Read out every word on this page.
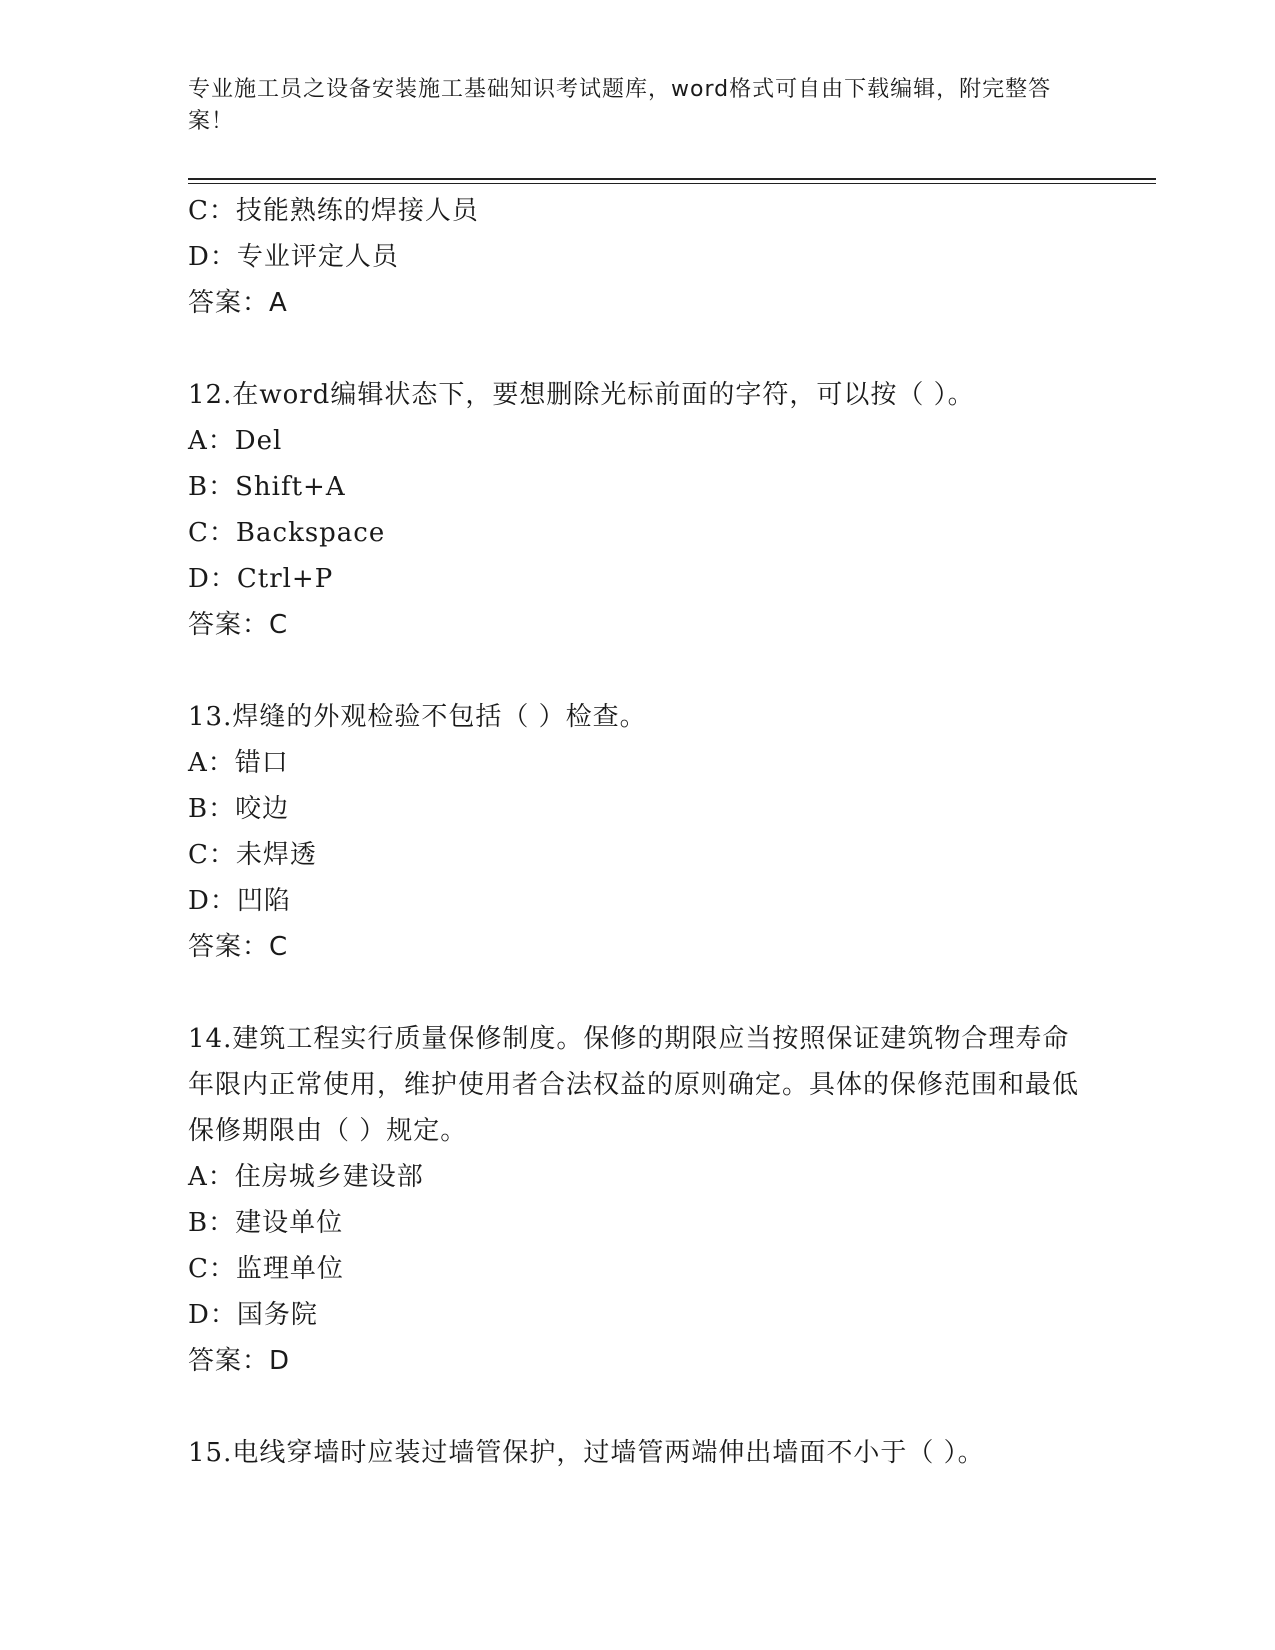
专业施工员之设备安装施工基础知识考试题库，word格式可自由下载编辑，附完整答案！
C：技能熟练的焊接人员
D：专业评定人员
答案：A
12.在word编辑状态下，要想删除光标前面的字符，可以按（ ）。
A：Del
B：Shift+A
C：Backspace
D：Ctrl+P
答案：C
13.焊缝的外观检验不包括（ ）检查。
A：错口
B：咬边
C：未焊透
D：凹陷
答案：C
14.建筑工程实行质量保修制度。保修的期限应当按照保证建筑物合理寿命年限内正常使用，维护使用者合法权益的原则确定。具体的保修范围和最低保修期限由（ ）规定。
A：住房城乡建设部
B：建设单位
C：监理单位
D：国务院
答案：D
15.电线穿墙时应装过墙管保护，过墙管两端伸出墙面不小于（ ）。
